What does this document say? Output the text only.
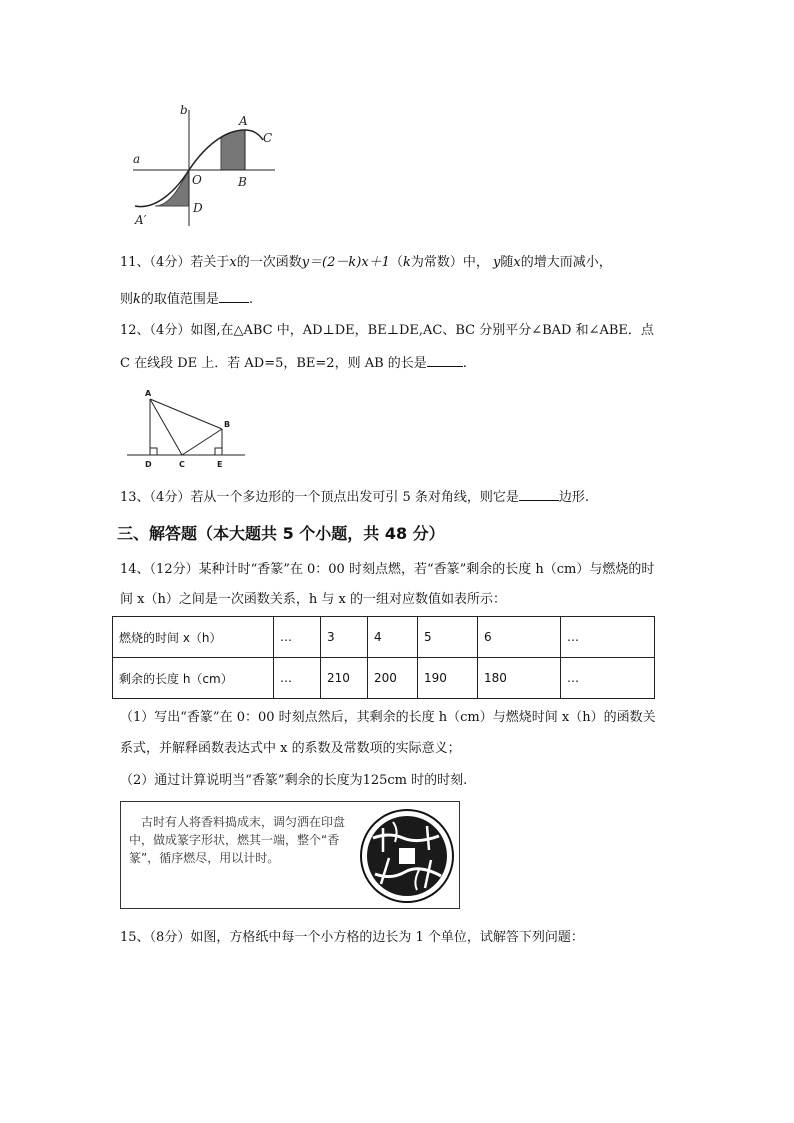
b
a
A
C
O	B
A′
D
11、（4分）若关于x的一次函数y＝(2－k)x＋1（k为常数）中， y随x的增大而减小，
则k的取值范围是 .
12、（4分）如图,在△ABC 中，AD⊥DE，BE⊥DE,AC、BC 分别平分∠BAD 和∠ABE．点
C 在线段 DE 上．若 AD=5，BE=2，则 AB 的长是	.
A
B
D	C	E
13、（4分）若从一个多边形的一个顶点出发可引 5 条对角线，则它是	边形.
三、解答题（本大题共 5 个小题，共 48 分）
14、（12分）某种计时“香篆”在 0：00 时刻点燃，若“香篆”剩余的长度 h（cm）与燃烧的时
间 x（h）之间是一次函数关系，h 与 x 的一组对应数值如表所示：
燃烧的时间 x（h）	…	3	4	5	6	…
剩余的长度 h（cm）	…	210	200	190	180	…
（1）写出“香篆”在 0：00 时刻点然后，其剩余的长度 h（cm）与燃烧时间 x（h）的函数关
系式，并解释函数表达式中 x 的系数及常数项的实际意义；
（2）通过计算说明当“香篆”剩余的长度为125cm 时的时刻.
古时有人将香料捣成末，调匀洒在印盘中，做成篆字形状，燃其一端，整个“香篆”，循序燃尽，用以计时。
15、（8分）如图，方格纸中每一个小方格的边长为 1 个单位，试解答下列问题：
